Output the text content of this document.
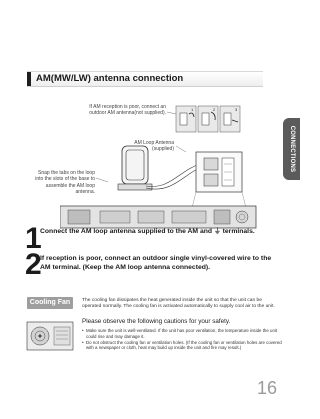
AM(MW/LW) antenna connection
CONNECTIONS
If AM reception is poor, connect an outdoor AM antenna(not supplied).
AM Loop Antenna (supplied)
Snap the tabs on the loop into the slots of the base to assemble the AM loop antenna.
1	2	3
1
Connect the AM loop antenna supplied to the AM and ⏚ terminals.
2
If reception is poor, connect an outdoor single vinyl-covered wire to the AM terminal. (Keep the AM loop antenna connected).
Cooling Fan	The cooling fan dissipates the heat generated inside the unit so that the unit can be operated normally. The cooling fan is activated automatically to supply cool air to the unit.
Please observe the following cautions for your safety.
• Make sure the unit is well-ventilated. If the unit has poor ventilation, the temperature inside the unit could rise and may damage it.
• Do not obstruct the cooling fan or ventilation holes. (If the cooling fan or ventilation holes are covered with a newspaper or cloth, heat may build up inside the unit and fire may result.)
16
